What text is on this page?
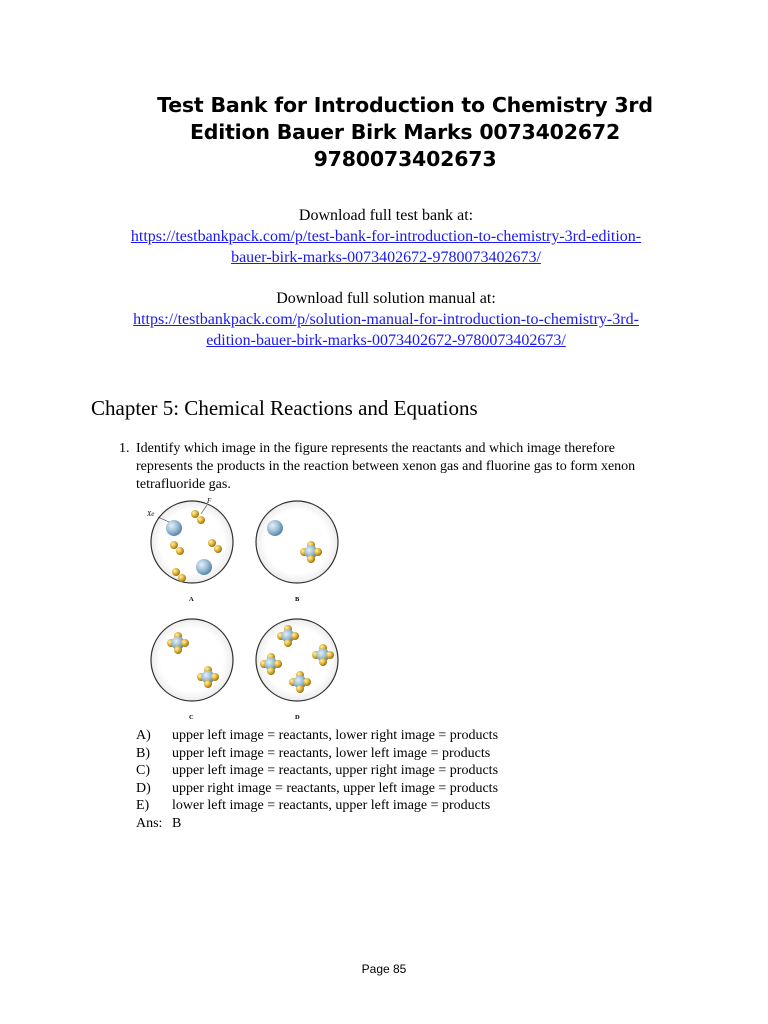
Test Bank for Introduction to Chemistry 3rd Edition Bauer Birk Marks 0073402672 9780073402673

Download full test bank at:

https://testbankpack.com/p/test-bank-for-introduction-to-chemistry-3rd-edition-
bauer-birk-marks-0073402672-9780073402673/

Download full solution manual at:

https://testbankpack.com/p/solution-manual-for-introduction-to-chemistry-3rd-
edition-bauer-birk-marks-0073402672-9780073402673/
Chapter 5: Chemical Reactions and Equations
1. Identify which image in the figure represents the reactants and which image therefore represents the products in the reaction between xenon gas and fluorine gas to form xenon tetrafluoride gas.
Xe
F
A	B
C	D
A)	upper left image = reactants, lower right image = products
B)	upper left image = reactants, lower left image = products
C)	upper left image = reactants, upper right image = products
D)	upper right image = reactants, upper left image = products
E)	lower left image = reactants, upper left image = products
Ans: B
Page 85
